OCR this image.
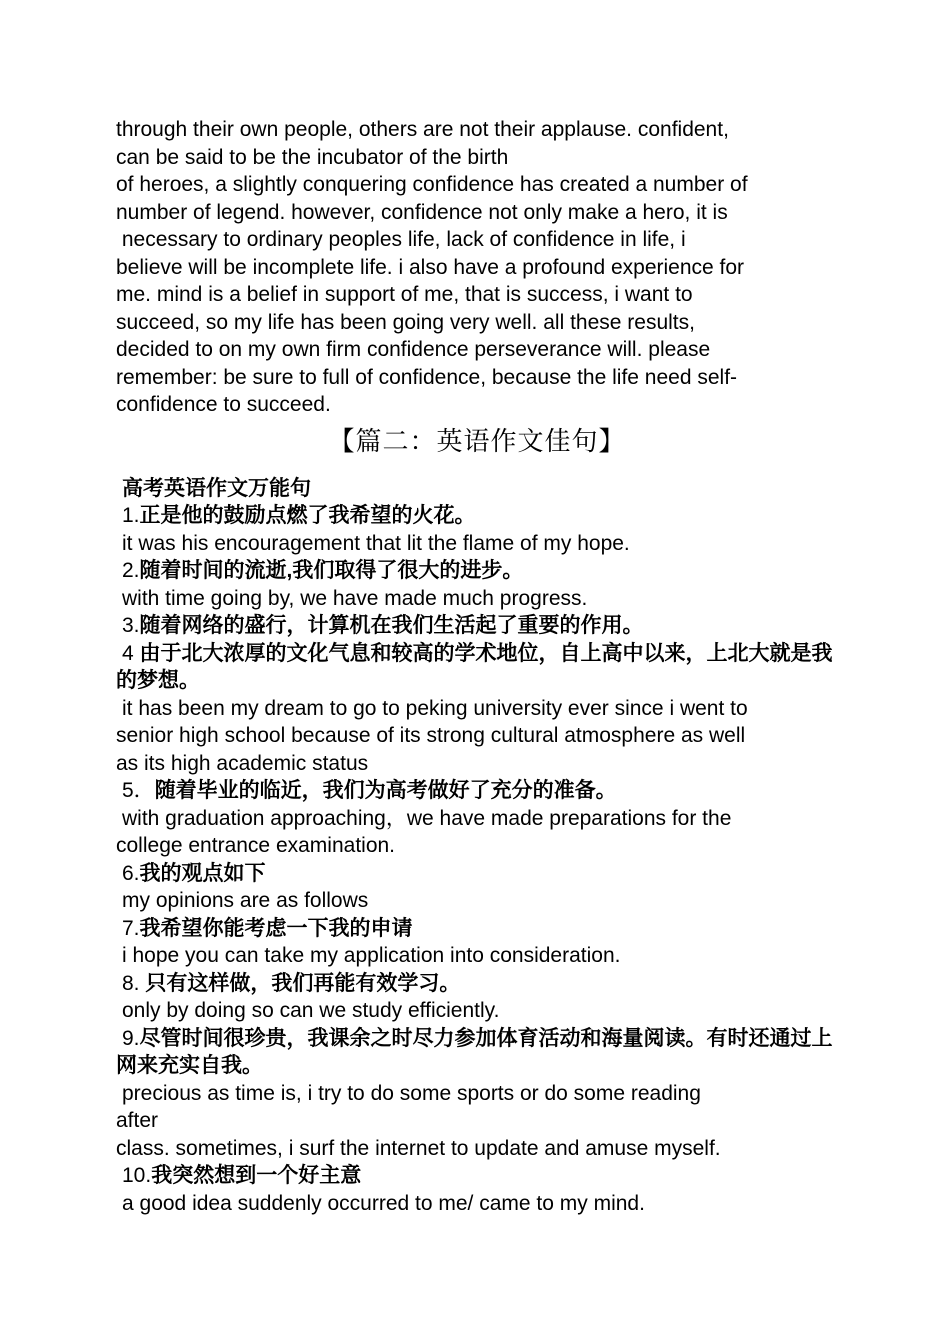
through their own people, others are not their applause. confident,
can be said to be the incubator of the birth
of heroes, a slightly conquering confidence has created a number of
number of legend. however, confidence not only make a hero, it is
necessary to ordinary peoples life, lack of confidence in life, i
believe will be incomplete life. i also have a profound experience for
me. mind is a belief in support of me, that is success, i want to
succeed, so my life has been going very well. all these results,
decided to on my own firm confidence perseverance will. please
remember: be sure to full of confidence, because the life need self-
confidence to succeed.
【篇二：英语作文佳句】
高考英语作文万能句
1.正是他的鼓励点燃了我希望的火花。
it was his encouragement that lit the flame of my hope.
2.随着时间的流逝,我们取得了很大的进步。
with time going by, we have made much progress.
3.随着网络的盛行，计算机在我们生活起了重要的作用。
4 由于北大浓厚的文化气息和较高的学术地位，自上高中以来，上北大就是我的梦想。
it has been my dream to go to peking university ever since i went to
senior high school because of its strong cultural atmosphere as well
as its high academic status
5．随着毕业的临近，我们为高考做好了充分的准备。
with graduation approaching，we have made preparations for the
college entrance examination.
6.我的观点如下
my opinions are as follows
7.我希望你能考虑一下我的申请
i hope you can take my application into consideration.
8. 只有这样做，我们再能有效学习。
only by doing so can we study efficiently.
9.尽管时间很珍贵，我课余之时尽力参加体育活动和海量阅读。有时还通过上网来充实自我。
precious as time is, i try to do some sports or do some reading
after
class. sometimes, i surf the internet to update and amuse myself.
10.我突然想到一个好主意
a good idea suddenly occurred to me/ came to my mind.
